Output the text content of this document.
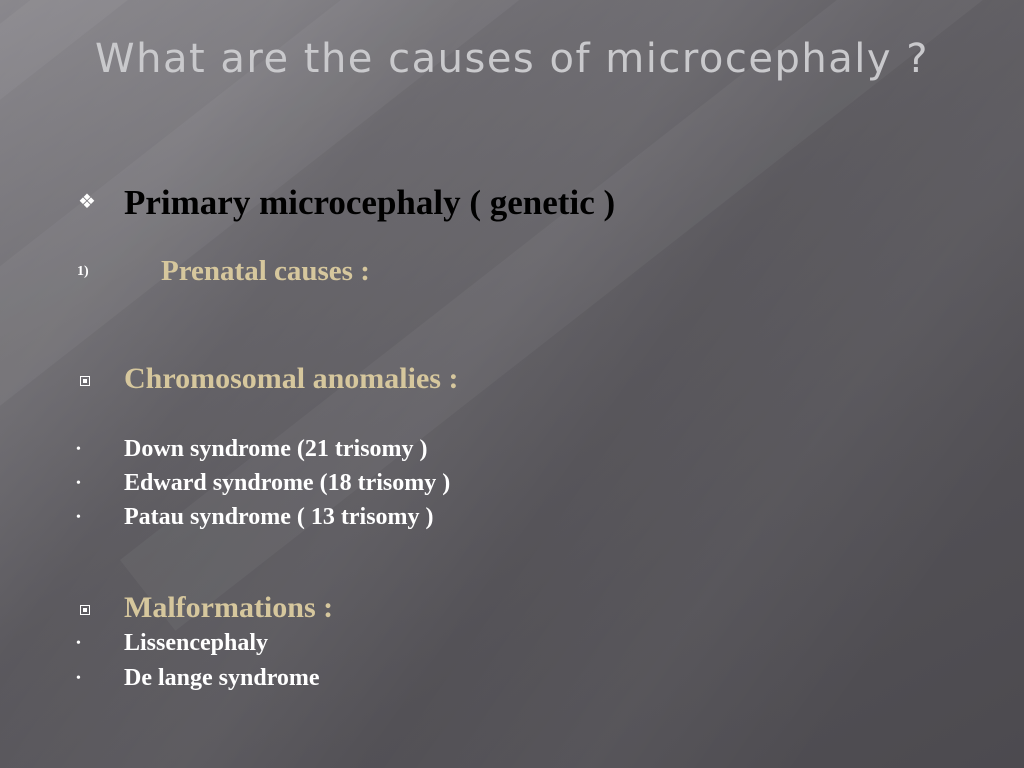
What are the causes of microcephaly ?
❖ Primary microcephaly ( genetic )
1) Prenatal causes :
Chromosomal anomalies :
• Down syndrome (21 trisomy )
• Edward syndrome (18 trisomy )
• Patau syndrome ( 13 trisomy )
Malformations :
• Lissencephaly
• De lange syndrome
